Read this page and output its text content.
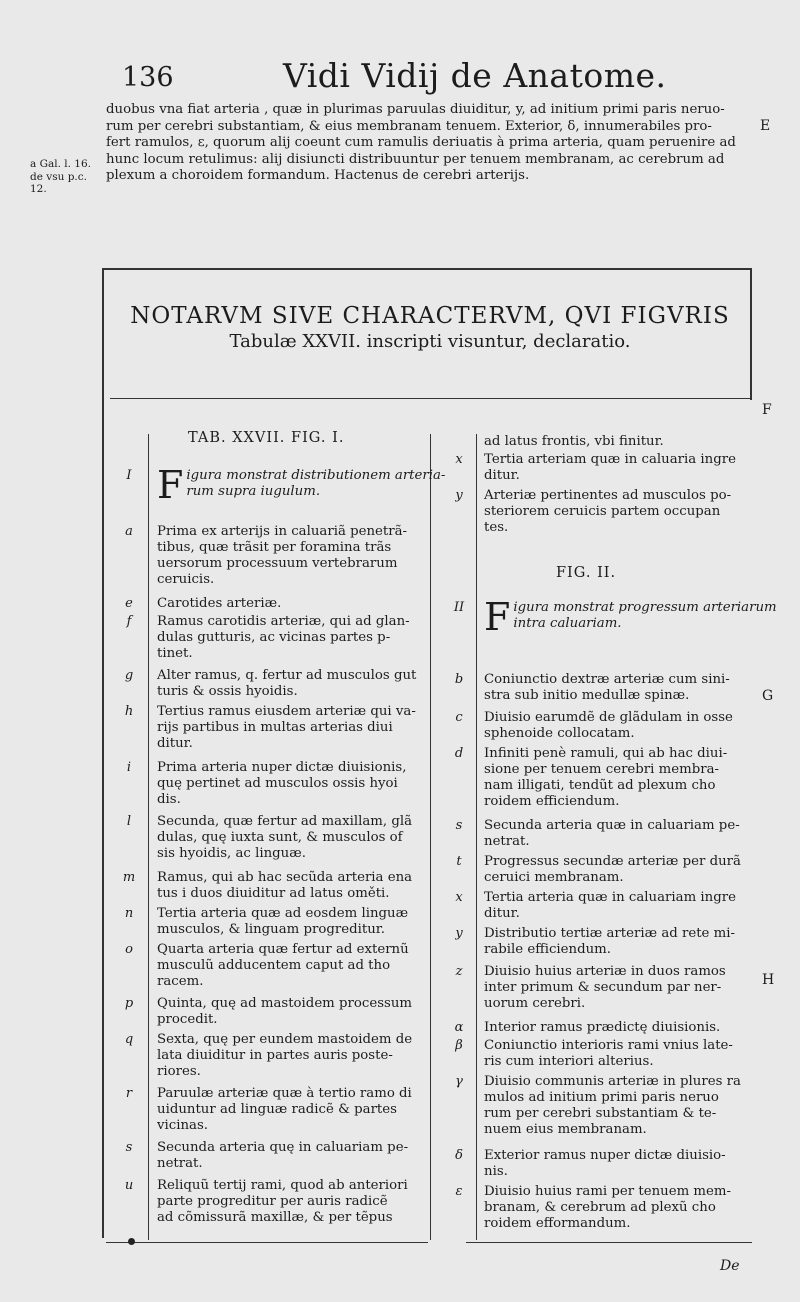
136	Vidi Vidij de Anatome.
duobus vna fiat arteria , quæ in plurimas paruulas diuiditur, y, ad initium primi paris neruo-
rum per cerebri substantiam, & eius membranam tenuem. Exterior, δ, innumerabiles pro-
fert ramulos, ε, quorum alij coeunt cum ramulis deriuatis à prima arteria, quam peruenire ad
hunc locum retulimus: alij disiuncti distribuuntur per tenuem membranam, ac cerebrum ad
plexum a choroidem formandum. Hactenus de cerebri arterijs.
a Gal. l. 16.
de vsu p.c.
12.
E
F
G
H
NOTARVM SIVE CHARACTERVM, QVI FIGVRIS
Tabulæ XXVII. inscripti visuntur, declaratio.
TAB. XXVII. FIG. I.
FIG. II.
I F igura monstrat distributionem arteria-
rum supra iugulum.
a	Prima ex arterijs in caluariã penetrã-
tibus, quæ trãsit per foramina trãs
uersorum processuum vertebrarum
ceruicis.
e	Carotides arteriæ.
f	Ramus carotidis arteriæ, qui ad glan-
dulas gutturis, ac vicinas partes p-
tinet.
g	Alter ramus, q. fertur ad musculos gut
turis & ossis hyoidis.
h	Tertius ramus eiusdem arteriæ qui va-
rijs partibus in multas arterias diui
ditur.
i	Prima arteria nuper dictæ diuisionis,
quę pertinet ad musculos ossis hyoi
dis.
l	Secunda, quæ fertur ad maxillam, glã
dulas, quę iuxta sunt, & musculos of
sis hyoidis, ac linguæ.
m	Ramus, qui ab hac secũda arteria ena
tus i duos diuiditur ad latus oměti.
n	Tertia arteria quæ ad eosdem linguæ
musculos, & linguam progreditur.
o	Quarta arteria quæ fertur ad externũ
musculũ adducentem caput ad tho
racem.
p	Quinta, quę ad mastoidem processum
procedit.
q	Sexta, quę per eundem mastoidem de
lata diuiditur in partes auris poste-
riores.
r	Paruulæ arteriæ quæ à tertio ramo di
uiduntur ad linguæ radicẽ & partes
vicinas.
s	Secunda arteria quę in caluariam pe-
netrat.
u	Reliquũ tertij rami, quod ab anteriori
parte progreditur per auris radicẽ
ad cõmissurã maxillæ, & per tẽpus
ad latus frontis, vbi finitur.
x	Tertia arteriam quæ in caluaria ingre
ditur.
y	Arteriæ pertinentes ad musculos po-
steriorem ceruicis partem occupan
tes.
II F igura monstrat progressum arteriarum
intra caluariam.
b	Coniunctio dextræ arteriæ cum sini-
stra sub initio medullæ spinæ.
c	Diuisio earumdẽ de glãdulam in osse
sphenoide collocatam.
d	Infiniti penè ramuli, qui ab hac diui-
sione per tenuem cerebri membra-
nam illigati, tendũt ad plexum cho
roidem efficiendum.
s	Secunda arteria quæ in caluariam pe-
netrat.
t	Progressus secundæ arteriæ per durã
ceruici membranam.
x	Tertia arteria quæ in caluariam ingre
ditur.
y	Distributio tertiæ arteriæ ad rete mi-
rabile efficiendum.
z	Diuisio huius arteriæ in duos ramos
inter primum & secundum par ner-
uorum cerebri.
α	Interior ramus prædictę diuisionis.
β	Coniunctio interioris rami vnius late-
ris cum interiori alterius.
γ	Diuisio communis arteriæ in plures ra
mulos ad initium primi paris neruo
rum per cerebri substantiam & te-
nuem eius membranam.
δ	Exterior ramus nuper dictæ diuisio-
nis.
ε	Diuisio huius rami per tenuem mem-
branam, & cerebrum ad plexũ cho
roidem efformandum.
De
